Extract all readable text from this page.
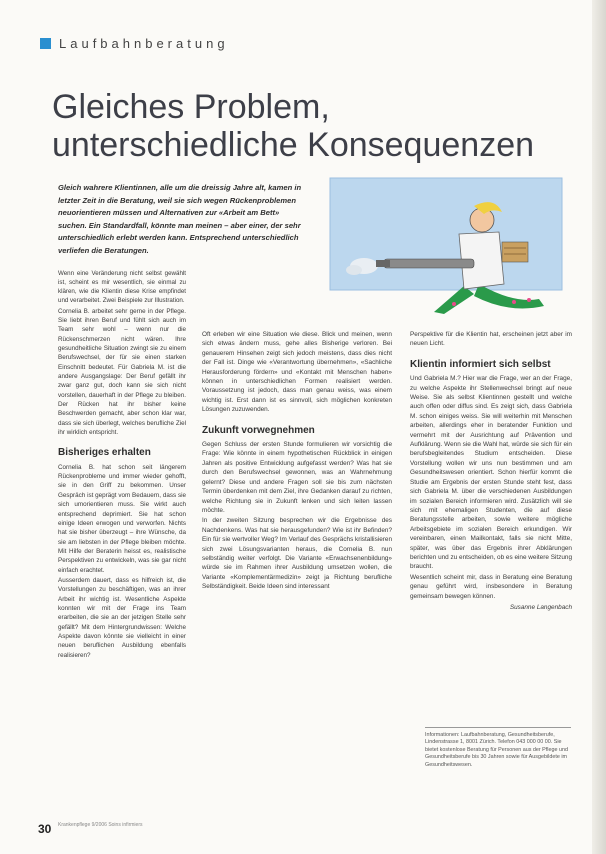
Laufbahnberatung
Gleiches Problem,
unterschiedliche Konsequenzen
Gleich wahrere Klientinnen, alle um die dreissig Jahre alt, kamen in letzter Zeit in die Beratung, weil sie sich wegen Rückenproblemen neuorientieren müssen und Alternativen zur «Arbeit am Bett» suchen. Ein Standardfall, könnte man meinen – aber einer, der sehr unterschiedlich erlebt werden kann. Entsprechend unterschiedlich verliefen die Beratungen.

Wenn eine Veränderung nicht selbst gewählt ist, scheint es mir wesentlich, sie einmal zu klären, wie die Klientin diese Krise empfindet und verarbeitet. Zwei Beispiele zur Illustration.

Cornelia B. arbeitet sehr gerne in der Pflege. Sie liebt ihren Beruf und fühlt sich auch im Team sehr wohl – wenn nur die Rückenschmerzen nicht wären. Ihre gesundheitliche Situation zwingt sie zu einem Berufswechsel, der für sie einen starken Einschnitt bedeutet. Für Gabriela M. ist die andere Ausgangslage: Der Beruf gefällt ihr zwar ganz gut, doch kann sie sich nicht vorstellen, dauerhaft in der Pflege zu bleiben. Der Rücken hat ihr bisher keine Beschwerden gemacht, aber schon klar war, dass sie sich überlegt, welches berufliche Ziel ihr wirklich entspricht.

Bisheriges erhalten

Cornelia B. hat schon seit längerem Rückenprobleme und immer wieder gehofft, sie in den Griff zu bekommen. Unser Gespräch ist geprägt vom Bedauern, dass sie sich umorientieren muss. Sie wirkt auch entsprechend deprimiert. Sie hat schon einige Ideen erwogen und verworfen. Nichts hat sie bisher überzeugt – ihre Wünsche, da sie am liebsten in der Pflege bleiben möchte. Mit Hilfe der Beraterin heisst es, realistische Perspektiven zu entwickeln, was sie gar nicht einfach erachtet.

Ausserdem dauert, dass es hilfreich ist, die Vorstellungen zu beschäftigen, was an ihrer Arbeit ihr wichtig ist. Wesentliche Aspekte konnten wir mit der Frage ins Team erarbeiten, die sie an der jetzigen Stelle sehr gefällt? Mit dem Hintergrundwissen: Welche Aspekte davon könnte sie vielleicht in einer neuen beruflichen Ausbildung ebenfalls realisieren?

Oft erleben wir eine Situation wie diese. Blick und meinen, wenn sich etwas ändern muss, gehe alles Bisherige verloren. Bei genauerem Hinsehen zeigt sich jedoch meistens, dass dies nicht der Fall ist. Dinge wie «Verantwortung übernehmen», «Sachliche Herausforderung fördern» und «Kontakt mit Menschen haben» können in unterschiedlichen Formen realisiert werden. Voraussetzung ist jedoch, dass man genau weiss, was einem wichtig ist. Erst dann ist es sinnvoll, sich möglichen konkreten Lösungen zuzuwenden.

Zukunft vorwegnehmen

Gegen Schluss der ersten Stunde formulieren wir vorsichtig die Frage: Wie könnte in einem hypothetischen Rückblick in einigen Jahren als positive Entwicklung aufgefasst werden? Was hat sie durch den Berufswechsel gewonnen, was an Wahrnehmung gelernt? Diese und andere Fragen soll sie bis zum nächsten Termin überdenken mit dem Ziel, ihre Gedanken darauf zu richten, welche Richtung sie in Zukunft lenken und sich leiten lassen möchte.

In der zweiten Sitzung besprechen wir die Ergebnisse des Nachdenkens. Was hat sie herausgefunden? Wie ist ihr Befinden? Ein für sie wertvoller Weg? Im Verlauf des Gesprächs kristallisieren sich zwei Lösungsvarianten heraus, die Cornelia B. nun selbständig weiter verfolgt. Die Variante «Erwachsenenbildung» würde sie im Rahmen ihrer Ausbildung umsetzen wollen, die Variante «Komplementärmedizin» zeigt ja Richtung berufliche Selbständigkeit. Beide Ideen sind interessant

Perspektive für die Klientin hat, erscheinen jetzt aber im neuen Licht.

Klientin informiert sich selbst

Und Gabriela M.? Hier war die Frage, wer an der Frage, zu welche Aspekte ihr Stellenwechsel bringt auf neue Weise. Sie als selbst Klientinnen gestellt und welche auch offen oder diffus sind. Es zeigt sich, dass Gabriela M. schon einiges weiss. Sie will weiterhin mit Menschen arbeiten, allerdings eher in beratender Funktion und vermehrt mit der Ausrichtung auf Prävention und Aufklärung. Wenn sie die Wahl hat, würde sie sich für ein berufsbegleitendes Studium entscheiden. Diese Vorstellung wollen wir uns nun bestimmen und am Gesundheitswesen orientiert. Schon hierfür kommt die Studie am Ergebnis der ersten Stunde steht fest, dass sich Gabriela M. über die verschiedenen Ausbildungen im sozialen Bereich informieren wird. Zusätzlich will sie sich mit ehemaligen Studenten, die auf diese Beratungsstelle arbeiten, sowie weitere mögliche Arbeitsgebiete im sozialen Bereich erkundigen. Wir vereinbaren, einen Mailkontakt, falls sie nicht Mitte, später, was über das Ergebnis ihrer Abklärungen berichten und zu entscheiden, ob es eine weitere Sitzung braucht.

Wesentlich scheint mir, dass in Beratung eine Beratung genau geführt wird, insbesondere in Beratung gemeinsam bewegen können.

Susanne Langenbach

Informationen: Laufbahnberatung, Gesundheitsberufe, Lindenstrasse 1, 8001 Zürich. Telefon 043 000 00 00. Sie bietet kostenlose Beratung für Personen aus der Pflege und Gesundheitsberufe bis 30 Jahren sowie für Ausgebildete im Gesundheitswesen.
30 Krankenpflege 9/2006 Soins infirmiers
